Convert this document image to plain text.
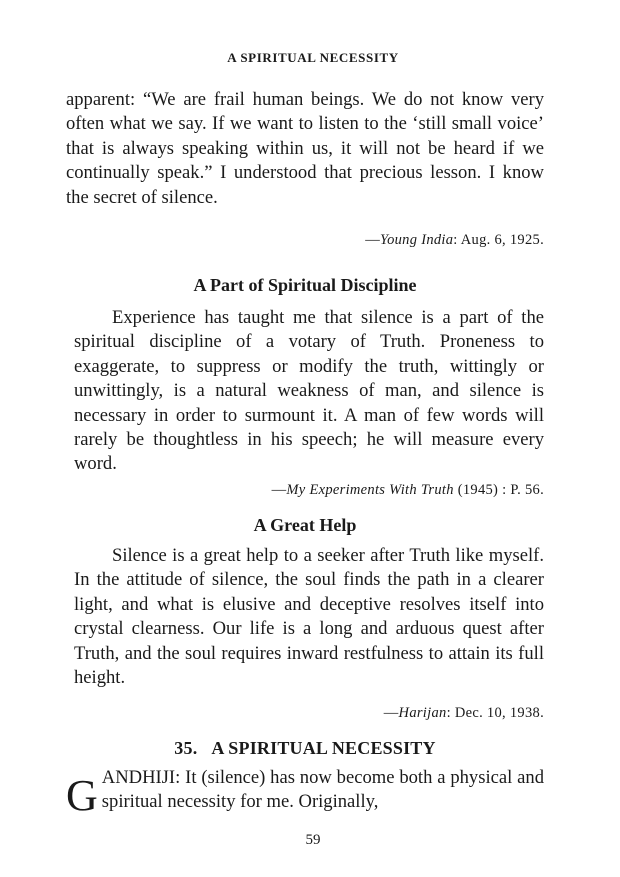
A SPIRITUAL NECESSITY

apparent: “We are frail human beings. We do not know very often what we say. If we want to listen to the ‘still small voice’ that is always speaking within us, it will not be heard if we continually speak.” I understood that precious lesson. I know the secret of silence.

—Young India: Aug. 6, 1925.
A Part of Spiritual Discipline

Experience has taught me that silence is a part of the spiritual discipline of a votary of Truth. Proneness to exaggerate, to suppress or modify the truth, wittingly or unwittingly, is a natural weakness of man, and silence is necessary in order to surmount it. A man of few words will rarely be thoughtless in his speech; he will measure every word.

—My Experiments With Truth (1945) : P. 56.
A Great Help

Silence is a great help to a seeker after Truth like myself. In the attitude of silence, the soul finds the path in a clearer light, and what is elusive and deceptive resolves itself into crystal clearness. Our life is a long and arduous quest after Truth, and the soul requires inward restfulness to attain its full height.

—Harijan: Dec. 10, 1938.
35. A SPIRITUAL NECESSITY

GANDHIJI: It (silence) has now become both a physical and spiritual necessity for me. Originally,

59
